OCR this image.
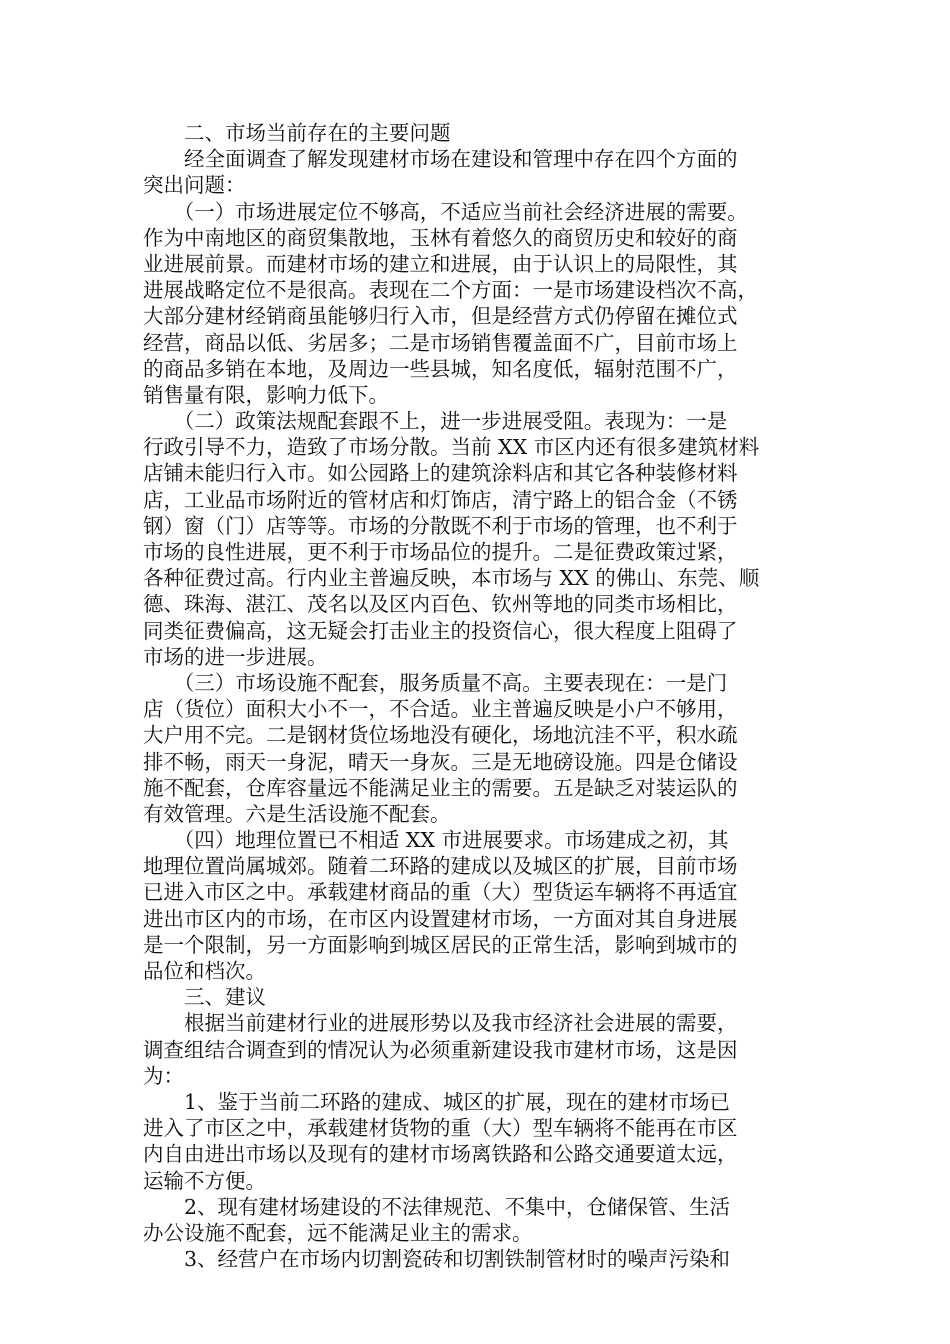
　　二、市场当前存在的主要问题
　　经全面调查了解发现建材市场在建设和管理中存在四个方面的
突出问题：
　　（一）市场进展定位不够高，不适应当前社会经济进展的需要。
作为中南地区的商贸集散地，玉林有着悠久的商贸历史和较好的商
业进展前景。而建材市场的建立和进展，由于认识上的局限性，其
进展战略定位不是很高。表现在二个方面：一是市场建设档次不高，
大部分建材经销商虽能够归行入市，但是经营方式仍停留在摊位式
经营，商品以低、劣居多；二是市场销售覆盖面不广，目前市场上
的商品多销在本地，及周边一些县城，知名度低，辐射范围不广，
销售量有限，影响力低下。
　　（二）政策法规配套跟不上，进一步进展受阻。表现为：一是
行政引导不力，造致了市场分散。当前 XX 市区内还有很多建筑材料
店铺未能归行入市。如公园路上的建筑涂料店和其它各种装修材料
店，工业品市场附近的管材店和灯饰店，清宁路上的铝合金（不锈
钢）窗（门）店等等。市场的分散既不利于市场的管理，也不利于
市场的良性进展，更不利于市场品位的提升。二是征费政策过紧，
各种征费过高。行内业主普遍反映，本市场与 XX 的佛山、东莞、顺
德、珠海、湛江、茂名以及区内百色、钦州等地的同类市场相比，
同类征费偏高，这无疑会打击业主的投资信心，很大程度上阻碍了
市场的进一步进展。
　　（三）市场设施不配套，服务质量不高。主要表现在：一是门
店（货位）面积大小不一，不合适。业主普遍反映是小户不够用，
大户用不完。二是钢材货位场地没有硬化，场地沆洼不平，积水疏
排不畅，雨天一身泥，晴天一身灰。三是无地磅设施。四是仓储设
施不配套，仓库容量远不能满足业主的需要。五是缺乏对装运队的
有效管理。六是生活设施不配套。
　　（四）地理位置已不相适 XX 市进展要求。市场建成之初，其
地理位置尚属城郊。随着二环路的建成以及城区的扩展，目前市场
已进入市区之中。承载建材商品的重（大）型货运车辆将不再适宜
进出市区内的市场，在市区内设置建材市场，一方面对其自身进展
是一个限制，另一方面影响到城区居民的正常生活，影响到城市的
品位和档次。
　　三、建议
　　根据当前建材行业的进展形势以及我市经济社会进展的需要，
调查组结合调查到的情况认为必须重新建设我市建材市场，这是因
为：
　　1、鉴于当前二环路的建成、城区的扩展，现在的建材市场已
进入了市区之中，承载建材货物的重（大）型车辆将不能再在市区
内自由进出市场以及现有的建材市场离铁路和公路交通要道太远，
运输不方便。
　　2、现有建材场建设的不法律规范、不集中，仓储保管、生活
办公设施不配套，远不能满足业主的需求。
　　3、经营户在市场内切割瓷砖和切割铁制管材时的噪声污染和
